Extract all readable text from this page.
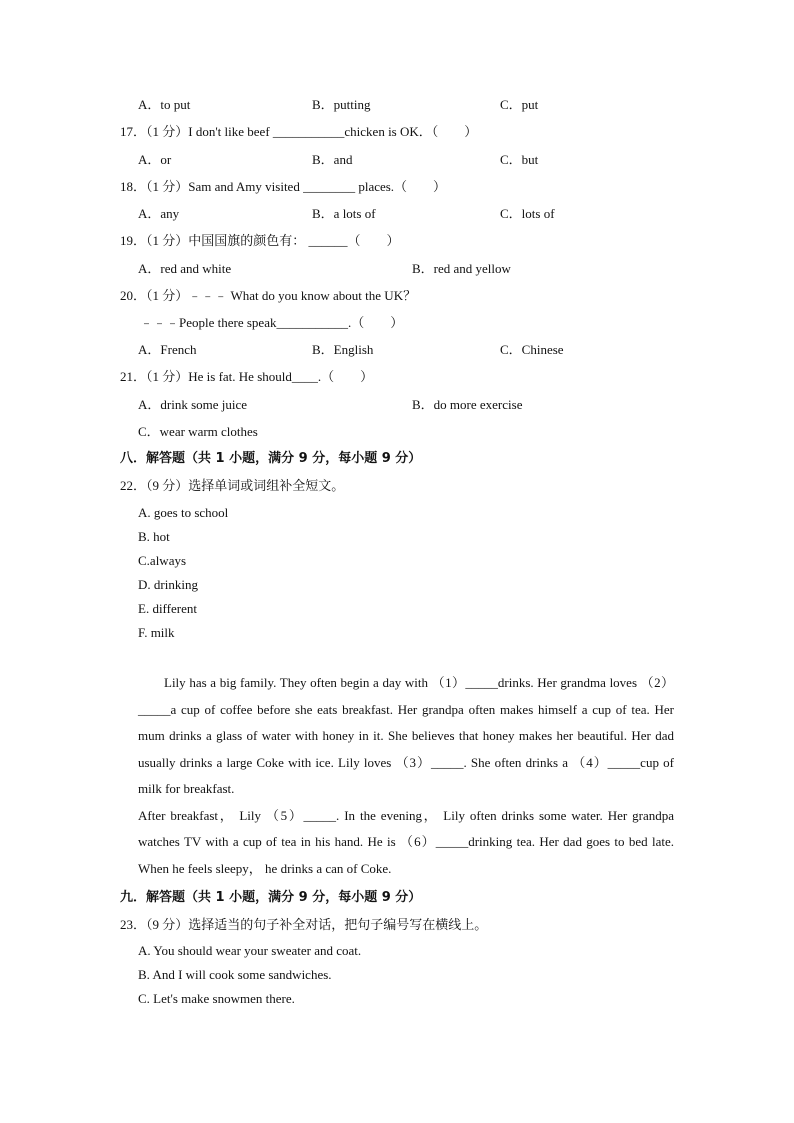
A．to put	B．putting	C．put
17．（1 分）I don't like beef ___________chicken is OK．（　　）
A．or	B．and	C．but
18．（1 分）Sam and Amy visited ________ places.（　　）
A．any	B．a lots of	C．lots of
19．（1 分）中国国旗的颜色有： ______（　　）
A．red and white	B．red and yellow
20．（1 分）﹣﹣﹣ What do you know about the UK？
﹣﹣﹣People there speak___________.（　　）
A．French	B．English	C．Chinese
21．（1 分）He is fat. He should____.（　　）
A．drink some juice	B．do more exercise
C．wear warm clothes
八．解答题（共 1 小题，满分 9 分，每小题 9 分）
22．（9 分）选择单词或词组补全短文。
A. goes to school
B. hot
C.always
D. drinking
E. different
F. milk

Lily has a big family. They often begin a day with （1）_____drinks. Her grandma loves （2）_____a cup of coffee before she eats breakfast. Her grandpa often makes himself a cup of tea. Her mum drinks a glass of water with honey in it. She believes that honey makes her beautiful. Her dad usually drinks a large Coke with ice. Lily loves （3）_____. She often drinks a （4）_____cup of milk for breakfast.

After breakfast， Lily （5）_____. In the evening， Lily often drinks some water. Her grandpa watches TV with a cup of tea in his hand. He is （6）_____drinking tea. Her dad goes to bed late. When he feels sleepy， he drinks a can of Coke.

九．解答题（共 1 小题，满分 9 分，每小题 9 分）
23．（9 分）选择适当的句子补全对话，把句子编号写在横线上。
A. You should wear your sweater and coat.
B. And I will cook some sandwiches.
C. Let's make snowmen there.
